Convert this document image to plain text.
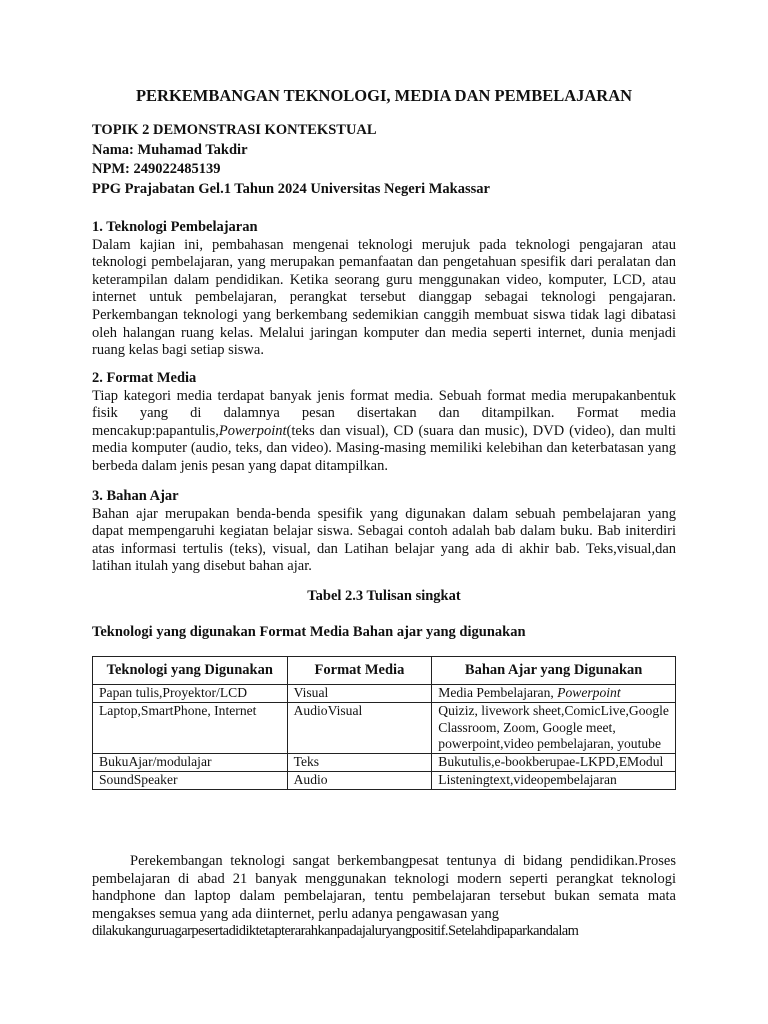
PERKEMBANGAN TEKNOLOGI, MEDIA DAN PEMBELAJARAN
TOPIK 2 DEMONSTRASI KONTEKSTUAL
Nama: Muhamad Takdir
NPM: 249022485139
PPG Prajabatan Gel.1 Tahun 2024 Universitas Negeri Makassar
1. Teknologi Pembelajaran

Dalam kajian ini, pembahasan mengenai teknologi merujuk pada teknologi pengajaran atau teknologi pembelajaran, yang merupakan pemanfaatan dan pengetahuan spesifik dari peralatan dan keterampilan dalam pendidikan. Ketika seorang guru menggunakan video, komputer, LCD, atau internet untuk pembelajaran, perangkat tersebut dianggap sebagai teknologi pengajaran. Perkembangan teknologi yang berkembang sedemikian canggih membuat siswa tidak lagi dibatasi oleh halangan ruang kelas. Melalui jaringan komputer dan media seperti internet, dunia menjadi ruang kelas bagi setiap siswa.

2. Format Media

Tiap kategori media terdapat banyak jenis format media. Sebuah format media merupakanbentuk fisik yang di dalamnya pesan disertakan dan ditampilkan. Format media mencakup:papantulis,Powerpoint(teks dan visual), CD (suara dan music), DVD (video), dan multi media komputer (audio, teks, dan video). Masing-masing memiliki kelebihan dan keterbatasan yang berbeda dalam jenis pesan yang dapat ditampilkan.

3. Bahan Ajar

Bahan ajar merupakan benda-benda spesifik yang digunakan dalam sebuah pembelajaran yang dapat mempengaruhi kegiatan belajar siswa. Sebagai contoh adalah bab dalam buku. Bab initerdiri atas informasi tertulis (teks), visual, dan Latihan belajar yang ada di akhir bab. Teks,visual,dan latihan itulah yang disebut bahan ajar.

Tabel 2.3 Tulisan singkat
Teknologi yang digunakan Format Media Bahan ajar yang digunakan
Teknologi yang Digunakan	Format Media	Bahan Ajar yang Digunakan
Papan tulis,Proyektor/LCD	Visual	Media Pembelajaran, Powerpoint
Laptop,SmartPhone, Internet	AudioVisual	Quiziz, livework sheet,ComicLive,Google Classroom, Zoom, Google meet, powerpoint,video pembelajaran, youtube
BukuAjar/modulajar	Teks	Bukutulis,e-bookberupae-LKPD,EModul
SoundSpeaker	Audio	Listeningtext,videopembelajaran

Perekembangan teknologi sangat berkembangpesat tentunya di bidang pendidikan.Proses pembelajaran di abad 21 banyak menggunakan teknologi modern seperti perangkat teknologi handphone dan laptop dalam pembelajaran, tentu pembelajaran tersebut bukan semata mata mengakses semua yang ada diinternet, perlu adanya pengawasan yang
dilakukanguruagarpesertadidiktetapterarahkanpadajaluryangpositif.Setelahdipaparkandalam
